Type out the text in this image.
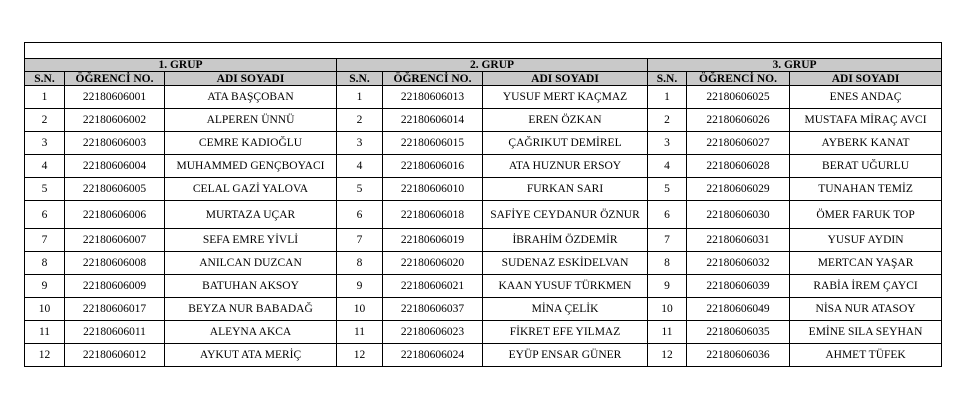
1. GRUP			2. GRUP			3. GRUP		
S.N.	ÖĞRENCİ NO.	ADI SOYADI	S.N.	ÖĞRENCİ NO.	ADI SOYADI	S.N.	ÖĞRENCİ NO.	ADI SOYADI
1	22180606001	ATA BAŞÇOBAN	1	22180606013	YUSUF MERT KAÇMAZ	1	22180606025	ENES ANDAÇ
2	22180606002	ALPEREN ÜNNÜ	2	22180606014	EREN ÖZKAN	2	22180606026	MUSTAFA MİRAÇ AVCI
3	22180606003	CEMRE KADIOĞLU	3	22180606015	ÇAĞRIKUT DEMİREL	3	22180606027	AYBERK KANAT
4	22180606004	MUHAMMED GENÇBOYACI	4	22180606016	ATA HUZNUR ERSOY	4	22180606028	BERAT UĞURLU
5	22180606005	CELAL GAZİ YALOVA	5	22180606010	FURKAN SARI	5	22180606029	TUNAHAN TEMİZ
6	22180606006	MURTAZA UÇAR	6	22180606018	SAFİYE CEYDANUR ÖZNUR	6	22180606030	ÖMER FARUK TOP
7	22180606007	SEFA EMRE YİVLİ	7	22180606019	İBRAHİM ÖZDEMİR	7	22180606031	YUSUF AYDIN
8	22180606008	ANILCAN DUZCAN	8	22180606020	SUDENAZ ESKİDELVAN	8	22180606032	MERTCAN YAŞAR
9	22180606009	BATUHAN AKSOY	9	22180606021	KAAN YUSUF TÜRKMEN	9	22180606039	RABİA İREM ÇAYCI
10	22180606017	BEYZA NUR BABADAĞ	10	22180606037	MİNA ÇELİK	10	22180606049	NİSA NUR ATASOY
11	22180606011	ALEYNA AKCA	11	22180606023	FİKRET EFE YILMAZ	11	22180606035	EMİNE SILA SEYHAN
12	22180606012	AYKUT ATA MERİÇ	12	22180606024	EYÜP ENSAR GÜNER	12	22180606036	AHMET TÜFEK
